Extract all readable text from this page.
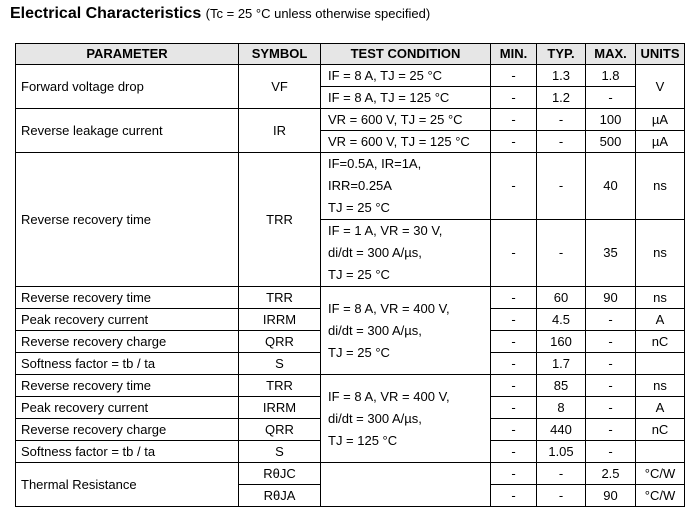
Electrical Characteristics (Tc = 25 °C unless otherwise specified)
PARAMETER	SYMBOL	TEST CONDITION	MIN.	TYP.	MAX.	UNITS
Forward voltage drop	VF	IF = 8 A, TJ = 25 °C	-	1.3	1.8	V
		IF = 8 A, TJ = 125 °C	-	1.2	-	
Reverse leakage current	IR	VR = 600 V, TJ = 25 °C	-	-	100	µA
		VR = 600 V, TJ = 125 °C	-	-	500	µA
Reverse recovery time	TRR	IF=0.5A, IR=1A,
IRR=0.25A
TJ = 25 °C	-	-	40	ns

		IF = 1 A, VR = 30 V,
di/dt = 300 A/µs,
TJ = 25 °C	-	-	35	ns
Reverse recovery time	TRR	IF = 8 A, VR = 400 V,
di/dt = 300 A/µs,
TJ = 25 °C	-	60	90	ns
Peak recovery current	IRRM		-	4.5	-	A
Reverse recovery charge	QRR		-	160	-	nC
Softness factor = tb / ta	S		-	1.7	-	
Reverse recovery time	TRR	IF = 8 A, VR = 400 V,
di/dt = 300 A/µs,
TJ = 125 °C	-	85	-	ns
Peak recovery current	IRRM		-	8	-	A
Reverse recovery charge	QRR		-	440	-	nC
Softness factor = tb / ta	S		-	1.05	-	
Thermal Resistance	RθJC		-	-	2.5	°C/W
	RθJA		-	-	90	°C/W
